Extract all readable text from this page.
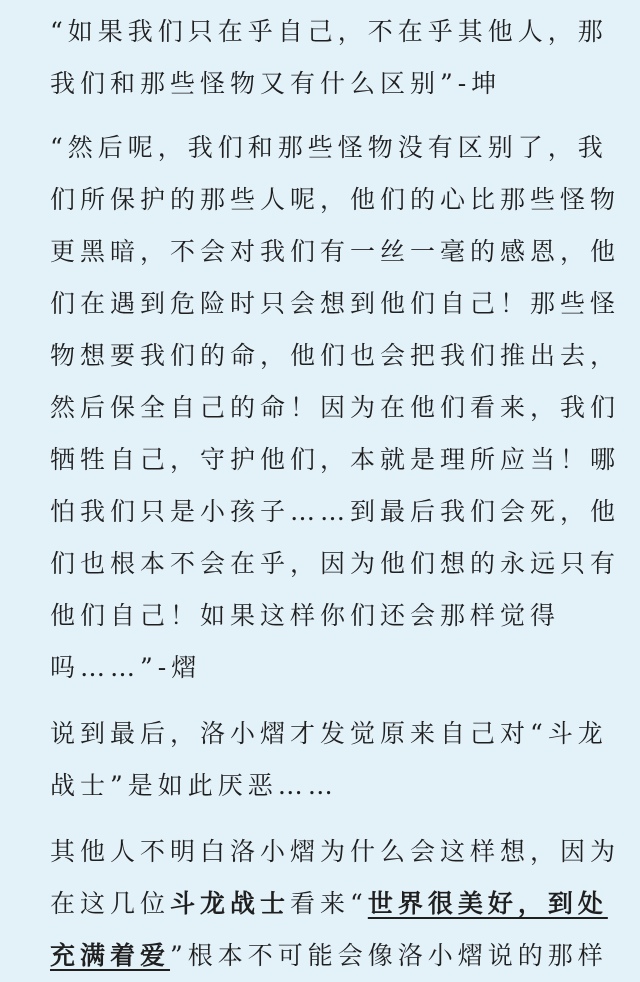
“如果我们只在乎自己，不在乎其他人，那
我们和那些怪物又有什么区别”-坤

“然后呢，我们和那些怪物没有区别了，我
们所保护的那些人呢，他们的心比那些怪物
更黑暗，不会对我们有一丝一毫的感恩，他
们在遇到危险时只会想到他们自己！那些怪
物想要我们的命，他们也会把我们推出去，
然后保全自己的命！因为在他们看来，我们
牺牲自己，守护他们，本就是理所应当！哪
怕我们只是小孩子……到最后我们会死，他
们也根本不会在乎，因为他们想的永远只有
他们自己！如果这样你们还会那样觉得
吗……”-熠

说到最后，洛小熠才发觉原来自己对“斗龙
战士”是如此厌恶……

其他人不明白洛小熠为什么会这样想，因为
在这几位斗龙战士看来“世界很美好，到处
充满着爱”根本不可能会像洛小熠说的那样
